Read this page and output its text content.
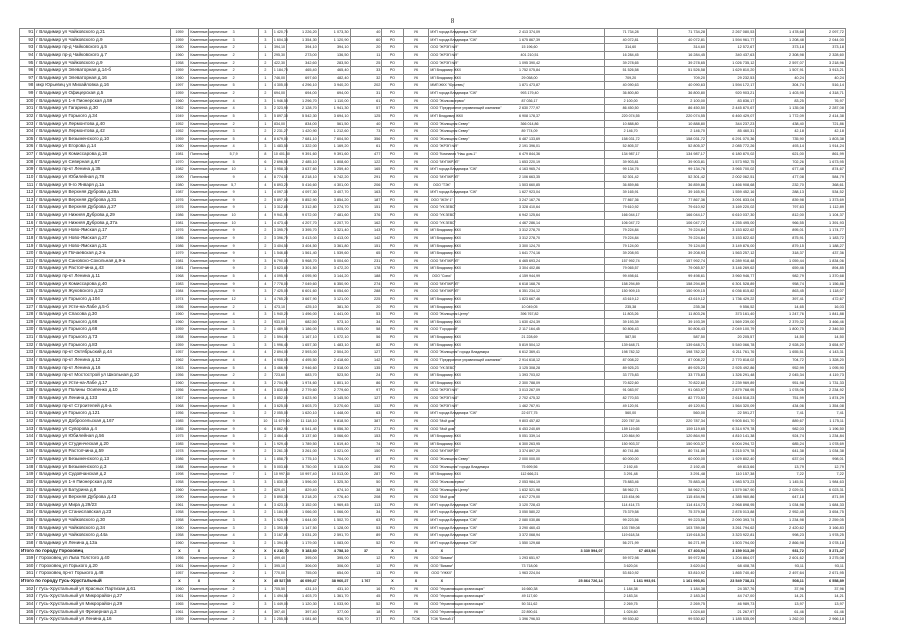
8
91	г Владимир ул Чайковского д.21	1959	Каменные, кирпичные	3	3	1 420,70	1 226,20	1 073,30	40	РО	УК	МУП города Владимира "СЖ"	2 413 374,09	71 734,28	71 734,28	2 267 080,53	1 478,68	2 097,72
92	г Владимир ул Чайковского д.9	1959	Каменные, кирпичные	3	3	1 604,30	1 354,30	1 120,90	60	РО	УК	МУП города Владимира "СЖ"	1 675 867,39	40 072,81	40 072,81	1 594 961,77	1 208,48	2 044,00
93	г Владимир пр-д Чайковского д.5	1960	Каменные, кирпичные	2	1	394,10	394,10	394,10	20	РО	УК	ООО "ЖРЭП №9"	15 196,60	314,60	314,60	12 572,67	373,18	373,18
94	г Владимир пр-д Чайковского д.7	1960	Каменные, кирпичные	2	1	295,30	273,00	136,50	11	РО	УК	ООО "ЖРЭП №9"	401 210,51	16 284,45	16 284,45	340 437,63	2 308,98	2 328,60
95	г Владимир ул Чайковского д.9	1958	Каменные, кирпичные	2	2	422,30	342,60	283,50	25	РО	УК	ООО "ЖРЭП №9"	1 095 390,42	39 278,65	39 278,65	1 026 735,12	2 597,07	3 218,96
96	г Владимир ул Элеваторная д.14-б	1959	Каменные, кирпичные	2	2	1 184,70	465,40	465,40	33	РО	УК	МП Владимир ЖКХ	1 752 075,84	51 526,58	51 526,58	1 629 810,20	1 507,91	3 913,21
97	г Владимир ул Элеваторная д.16	1960	Каменные, кирпичные	2	1	746,00	697,60	482,40	32	РО	УК	МП Владимир ЖКХ	29 058,00	709,20	709,20	29 232,53	40,24	40,24
98	мкр Юрьевец ул Михайловка д.16	1997	Каменные, кирпичные	5	1	4 305,00	4 296,10	3 940,20	202	РО	УК	ММП ЖКХ "Юрьевец"	1 871 473,87	40 090,63	40 090,63	1 594 172,17	304,74	516,14
99	г Владимир ул Офицерская д.5	1959	Каменные, кирпичные	2	2	694,00	694,00	694,00	31	РО	УК	МУП города Владимира "СЖ"	993 179,40	36 800,80	36 800,80	920 903,21	1 403,95	4 318,71
100	г Владимир ул 1-я Пионерская д.59	1960	Каменные, кирпичные	4	3	1 946,50	1 296,70	1 110,00	61	РО	УК	ООО "Жилкомсервис"	87 036,17	2 100,00	2 100,00	83 836,17	83,25	76,97
101	г Владимир ул Гагарина д.30	1962	Каменные, кирпичные	4	3	2 323,90	2 128,70	1 941,30	57	РО	УК	ООО "Предприятие управляющей компании"	2 630 777,97	86 450,50	86 450,50	2 445 870,67	1 135,08	2 287,08
102	г Владимир ул Горького д.34	1949	Каменные, кирпичные	5	3	5 897,30	5 542,30	3 694,10	125	РО	УК	МУП Владимир ЖКХ	6 908 178,37	220 074,55	220 074,55	6 460 429,07	1 772,09	2 414,38
103	г Владимир ул Лермонтова д.40	1952	Каменные, кирпичные	2	1	834,00	834,00	561,50	40	РО	УК	ООО "Жилищник Север"	366 014,86	10 888,80	10 888,80	344 237,23	438,40	721,86
104	г Владимир ул Лермонтова д.42	1952	Каменные, кирпичные	3	2	2 231,27	1 420,90	1 212,60	73	РО	УК	ООО "Жилищник Север"	89 774,09	2 146,70	2 146,70	85 460,31	42,18	42,18
105	г Владимир ул Безыменского д.10	1959	Каменные, кирпичные	5	4	8 679,00	7 681,10	7 604,50	356	РО	УК	ООО "Жилищник Север"	6 487 133,69	158 031,72	158 031,72	6 291 070,36	735,90	1 803,38
106	г Владимир ул Егорова д.14	1960	Каменные, кирпичные	4	3	1 483,50	1 322,00	1 169,20	61	РО	УК	ООО "ЖРЭП №9"	2 191 396,01	52 805,37	52 805,37	2 085 772,26	493,14	1 914,24
107	г Владимир ул Комиссарова д.18	1981	Панельные	5,7,9	8	10 401,50	9 391,60	9 391,60	477	РО	УК	ООО "Компания "Наш дом-1"	6 479 844,36	134 987,17	134 987,17	6 180 870,02	621,00	861,99
108	г Владимир ул Северная д.67	1970	Каменные, кирпичные	5	6	2 696,50	2 485,10	1 808,60	122	РО	УК	ООО "МУПЖРЭП"	1 653 220,19	39 903,81	39 903,81	1 573 952,75	702,26	1 673,95
109	г Владимир пр-кт Ленина д.35	1982	Каменные, кирпичные	10	1	3 958,30	3 637,60	3 259,40	165	РО	УК	МУП города Владимира "СЖ"	4 163 965,74	99 134,76	99 134,76	3 965 700,02	677,48	874,67
110	г Владимир ул Юбилейная д.78	1990	Панельные	9	4	8 774,50	8 218,10	6 742,20	291	РО	УК	ООО "МУПЖРЭП"	2 106 663,35	52 301,42	52 301,42	2 002 062,51	477,08	584,79
111	г Владимир ул 9-го Января д.1а	1980	Каменные, кирпичные	5,7	4	6 893,20	5 416,60	4 301,00	206	РО	УК	ООО "ТЭК"	1 503 660,85	36 859,86	36 859,86	1 466 908,68	232,70	368,61
112	г Владимир ул Верхняя Дуброва д.28а	1987	Каменные, кирпичные	9	1	4 097,30	4 097,30	3 407,70	163	РО	УК	МУП города Владимира "СЖ"	1 627 923,04	39 165,91	39 165,91	1 559 452,16	288,13	534,52
113	г Владимир ул Верхняя Дуброва д.31	1976	Каменные, кирпичные	9	2	5 897,00	5 852,90	3 854,20	187	РО	УК	ООО "ЖЭУ 1"	3 247 167,76	77 867,36	77 867,36	3 091 833,04	839,98	1 373,69
114	г Владимир ул Верхняя Дуброва д.27	1976	Каменные, кирпичные	9	1	3 312,80	3 312,80	3 274,70	151	РО	УК	ООО "УК ЗЕВС"	3 328 410,64	79 610,92	79 610,92	3 169 220,02	797,63	1 112,89
115	г Владимир ул Нижняя Дуброва д.29	1986	Каменные, кирпичные	10	4	9 941,90	9 072,00	7 481,60	376	РО	УК	ООО "УК ЗЕВС"	6 942 125,64	166 044,17	166 044,17	6 610 037,30	812,00	1 104,37
116	г Владимир ул Нижняя Дуброва д.37а	1981	Каменные, кирпичные	10	1	4 473,40	4 207,70	4 207,70	162	РО	УК	ООО "УК ЗЕВС"	4 467 286,14	106 047,72	106 047,72	4 255 495,00	966,55	1 391,93
117	г Владимир ул Ново-Ямская д.17	1976	Каменные, кирпичные	9	2	3 395,70	3 395,70	3 321,40	143	РО	УК	МП Владимир ЖКХ	3 312 278,70	79 224,84	79 224,84	3 153 822,62	895,01	1 174,77
118	г Владимир ул Ново-Ямская д.27	1986	Каменные, кирпичные	9	2	3 396,70	3 413,00	3 413,00	142	РО	УК	МП Владимир ЖКХ	3 312 278,70	79 224,84	79 224,84	3 153 822,62	875,91	1 183,72
119	г Владимир ул Ново-Ямская д.31	1986	Каменные, кирпичные	9	2	3 404,50	3 404,50	3 361,80	151	РО	УК	МП Владимир ЖКХ	3 300 124,70	79 124,00	79 124,00	3 149 876,00	879,15	1 188,27
120	г Владимир ул Почаевская д.2-а	1979	Каменные, кирпичные	9	1	1 546,80	1 561,40	1 539,60	65	РО	УК	МП Владимир ЖКХ	1 641 774,16	39 208,93	39 208,93	1 563 257,12	318,37	437,36
121	г Владимир ул Сановско-Сокольная д.9-а	1981	Каменные, кирпичные	9	3	6 790,00	5 968,70	5 004,60	231	РО	УК	ООО "МУПЖРЭП"	6 465 693,24	157 992,74	157 992,74	6 289 918,48	1 059,44	1 834,06
122	г Владимир ул Растопчина д.43	1981	Панельные	9	2	3 623,80	3 301,50	3 472,20	178	РО	УК	МП Владимир ЖКХ	3 304 402,86	79 065,57	79 065,57	3 146 269,62	659,46	894,85
123	г Владимир пр-кт Ленина д.11	1968	Каменные, кирпичные	5	4	4 095,90	4 095,90	3 144,20	188	РО	УК	ООО "Союз"	4 159 944,99	99 498,61	99 498,61	3 960 946,77	982,79	1 370,68
124	г Владимир ул Комиссарова д.40	1983	Каменные, кирпичные	9	4	7 778,00	7 049,60	6 350,90	274	РО	УК	ООО "МУПЖРЭП"	6 618 168,76	158 294,89	158 294,89	6 301 528,89	958,74	1 156,86
125	г Владимир ул Жуковского д.22	1984	Каменные, кирпичные	9	3	7 425,00	6 601,60	6 054,60	288	РО	УК	ООО "МУПЖРЭП"	6 351 234,12	150 909,15	150 909,15	6 036 815,82	863,45	1 118,07
126	г Владимир ул Горького д.104	1974	Каменные, кирпичные	12	1	4 765,20	3 667,90	3 121,00	225	РО	УК	МП Владимир ЖКХ	1 823 667,46	43 619,12	43 619,12	1 736 429,22	397,41	472,67
127	г Владимир ул Усти-на-Лабе д.5-б	1956	Каменные, кирпичные	2	1	473,10	425,10	381,30	20	РО	УК	МП Владимир ЖКХ	10 049,05	235,38	235,38	9 556,52	14,65	16,03
128	г Владимир ул Спасова д.30	1960	Каменные, кирпичные	4	3	1 940,20	1 496,00	1 441,00	53	РО	УК	ООО "Жилищник Центр"	396 767,82	11 803,26	11 803,26	373 161,40	1 247,76	1 841,88
129	г Владимир ул Горького д.66	1960	Каменные, кирпичные	3	2	933,00	682,50	573,10	34	РО	УК	МП Владимир ЖКХ	1 630 424,39	39 193,39	39 193,39	1 569 239,00	2 379,32	3 466,46
130	г Владимир ул Горького д.68	1959	Каменные, кирпичные	3	2	1 489,50	1 186,00	1 005,00	58	РО	УК	ООО "Городской"	2 117 164,45	50 806,43	50 806,43	2 049 100,79	1 800,75	2 346,50
131	г Владимир ул Горького д.73	1958	Каменные, кирпичные	3	2	1 594,00	1 167,10	1 072,10	56	РО	УК	МП Владимир ЖКХ	21 228,69	587,50	587,50	20 205,57	14,50	14,50
132	г Владимир ул Горького д.83	1959	Каменные, кирпичные	3	3	1 996,40	1 657,30	1 483,10	82	РО	УК	МП Владимир ЖКХ	5 819 504,12	139 648,71	139 648,71	5 540 066,78	2 928,20	3 654,97
133	г Владимир пр-кт Октябрьский д.44	1957	Каменные, кирпичные	4	4	2 894,00	2 593,00	2 504,20	127	РО	УК	ООО "Жилищник" города Владимира	6 612 369,41	198 782,32	198 782,32	6 211 761,76	1 655,51	4 143,31
134	г Владимир пр-кт Ленина д.12	1962	Каменные, кирпичные	4	4	4 908,00	4 495,50	2 418,60	142	РО	УК	ООО "Предприятие управляющей компании"	2 914 618,12	87 008,22	87 008,22	2 770 818,02	704,72	1 328,20
135	г Владимир пр-кт Ленина д.16	1963	Каменные, кирпичные	5	4	3 466,90	2 946,60	2 518,00	135	РО	УК	ООО "УК ЗЕВС"	3 125 308,28	89 925,23	89 925,23	2 925 492,86	952,99	1 095,90
136	г Владимир пр-кт Мостострой ул Школьная д.10	1956	Каменные, кирпичные	2	2	723,60	683,70	523,50	24	РО	УК	МП Владимир ЖКХ	1 393 703,02	33 775,83	33 775,83	1 326 291,48	2 045,34	4 119,73
137	г Владимир ул Усти-на-Лабе д.17	1960	Каменные, кирпичные	4	3	2 704,90	1 974,60	1 801,10	86	РО	УК	МП Владимир ЖКХ	2 300 788,09	70 822,60	70 822,60	2 239 969,89	951,98	1 731,33
138	г Владимир ул Полины Осипенко д.10	1956	Каменные, кирпичные	5	4	3 830,60	2 779,60	2 779,60	97	РО	УК	ООО "ЖРЭП №9"	3 013 267,09	91 083,97	91 083,97	2 879 768,95	1 078,06	2 234,92
139	г Владимир ул Ленина д.133	1967	Каменные, кирпичные	5	4	3 852,00	3 623,90	3 145,50	127	РО	УК	ООО "ЖРЭП №8"	2 702 475,32	82 770,53	82 770,53	2 618 518,23	751,99	1 874,29
140	г Владимир пр-кт Строителей д.6-а	1968	Каменные, кирпичные	5	4	3 625,00	3 603,70	3 270,60	132	РО	УК	ООО "ЖРЭП №9"	1 462 767,91	49 120,91	49 120,91	1 564 320,09	434,06	1 354,08
141	г Владимир ул Горького д.121	1956	Каменные, кирпичные	3	2	2 055,00	1 620,10	1 448,00	63	РО	УК	МУП города Владимира "СЖ"	22 677,75	560,00	560,00	22 591,27	7,41	7,41
142	г Владимир ул Добросельская д.167	1985	Каменные, кирпичные	9	10	11 679,60	11 118,10	9 818,50	387	РО	УК	ООО "Мой дом"	9 803 457,82	220 787,34	220 787,34	9 505 841,70	889,67	1 175,11
143	г Владимир ул Суворова д.4	1985	Каменные, кирпичные	9	6	6 862,90	6 541,40	6 056,30	271	РО	УК	ООО "Мой дом"	6 453 240,69	159 119,65	159 119,65	6 314 979,78	982,03	1 196,50
144	г Владимир ул Юбилейная д.56	1975	Каменные, кирпичные	5	2	3 464,40	3 137,60	3 066,60	153	РО	УК	МП Владимир ЖКХ	5 051 339,14	120 864,90	120 864,90	4 810 141,38	924,74	1 234,84
145	г Владимир ул Студенческая д.20	1985	Каменные, кирпичные	9	1	1 929,40	1 789,50	1 619,40	74	РО	УК	МП Владимир ЖКХ	6 300 263,95	150 903,37	150 903,37	6 004 294,72	685,24	1 078,69
146	г Владимир ул Растопчина д.59	1978	Каменные, кирпичные	9	2	3 261,30	3 261,00	3 021,00	150	РО	УК	ООО "МУПЖРЭП"	3 374 897,20	80 741,86	80 741,86	3 215 079,78	641,38	1 034,38
147	г Владимир ул Безыменского д.13	1986	Каменные, кирпичные	9	1	1 858,70	1 775,10	1 704,00	87	РО	УК	ООО "Жилищник Север"	2 000 000,00	60 000,00	60 000,00	1 929 802,40	637,04	998,01
148	г Владимир ул Безыменского д.3	1988	Каменные, кирпичные	9	5	5 003,60	5 750,00	5 115,00	206	РО	УК	ООО "Жилищник" города Владимира	75 699,56	2 192,45	2 192,45	69 813,66	13,79	12,79
149	г Владимир ул Судовчанская д.2	1998	Каменные, кирпичные	7	1	10 997,40	10 997,40	10 013,00	287	РО	УК	МП Владимир ЖКХ	112 666,21	3 291,48	3 291,48	110 157,38	7,22	7,22
150	г Владимир ул 1-я Пионерская д.92	1958	Каменные, кирпичные	3	3	1 830,30	1 596,00	1 325,30	50	РО	УК	ООО "Жилкомсервис"	2 053 984,19	75 883,46	75 883,46	1 983 573,23	1 145,51	1 984,63
151	г Владимир ул Батурина д.8	1960	Каменные, кирпичные	3	2	829,40	829,40	674,10	38	РО	УК	ООО "Жилищник Центр"	1 632 521,98	58 962,71	58 962,71	1 579 067,90	2 029,01	6 023,31
152	г Владимир ул Верхняя Дуброва д.43	1990	Каменные, кирпичные	9	2	5 890,30	5 218,20	4 776,40	208	РО	УК	ООО "Мой дом"	4 617 279,00	115 454,96	115 454,96	4 385 960,86	647,18	871,59
153	г Владимир ул Мира д.29/23	1961	Каменные, кирпичные	4	4	3 423,10	3 152,00	1 969,45	113	РО	УК	МУП города Владимира "СЖ"	3 120 728,43	114 414,73	114 414,73	2 968 898,95	1 034,98	1 684,33
154	г Владимир ул Станиславская д.23	1958	Каменные, кирпичные	3	2	1 184,00	1 066,00	1 066,00	34	РО	УК	МУП города Владимира "СЖ"	3 050 580,22	75 379,58	75 379,58	2 878 013,88	2 952,45	3 654,75
155	г Владимир ул Чайковского д.30	1958	Каменные, кирпичные	3	3	1 926,90	1 644,00	1 502,70	63	РО	УК	МУП города Владимира "СЖ"	2 080 030,86	99 223,56	99 223,56	2 090 393,74	1 234,98	2 259,05
156	г Владимир ул Чайковского д.34	1960	Каменные, кирпичные	3	2	1 393,00	1 147,50	1 128,00	53	РО	УК	МУП города Владимира "СЖ"	3 290 460,43	103 789,08	103 789,08	3 261 794,62	2 420,62	3 166,83
157	г Владимир ул Чайковского д.44а	1958	Каменные, кирпичные	4	3	3 167,80	3 031,20	2 591,70	89	РО	УК	МУП города Владимира "СЖ"	3 372 068,94	119 618,34	119 618,34	3 323 922,81	998,23	1 978,25
158	г Владимир ул Ленина д.13а	1960	Каменные, кирпичные	3	2	1 394,00	1 179,00	1 083,00	52	РО	УК	МУП города Владимира "СЖ"	1 550 129,68	56 271,99	56 271,99	1 503 794,00	2 866,98	3 078,18
Итого по городу Гороховец		X	X	X	X	6 210,70	5 183,60	4 758,10	37	X	X	X	3 330 594,07	67 403,94	67 403,94	3 159 013,29	931,72	5 271,47
159	г Гороховец ул Льва Толстого д.40	1956	Каменные, кирпичные	2	1	499,40	395,00	395,00	12	РО	УК	ООО "Визави"	1 293 651,97	59 972,98	59 972,98	1 204 864,07	2 601,62	3 275,08
160	г Гороховец ул Горького д.20	1961	Каменные, кирпичные	2	1	395,10	306,00	306,00	12	РО	УК	ООО "Визави"	73 718,06	3 620,04	3 620,04	68 408,78	93,11	93,11
161	г Гороховец пр-кт Горького д.48	1957	Каменные, кирпичные	2	1	770,00	755,00	654,00	13	РО	УК	ООО "УЖКХ"	1 963 224,04	53 810,92	53 810,92	1 865 740,40	2 497,64	2 671,95
Итого по городу Гусь-Хрустальный		X	X	X	X	45 527,55	46 059,47	38 960,27	1 767	X	X	X	25 864 726,14	1 161 993,91	1 161 993,91	23 549 738,21	508,11	6 558,89
162	г Гусь-Хрустальный ул Красных Партизан д.61	1960	Каменные, кирпичные	2	1	705,50	431,10	431,10	16	РО	УК	ООО "Управляющая организация"	16 660,38	1 184,38	1 184,38	24 357,76	37,96	37,96
163	г Гусь-Хрустальный ул Микрорайон д.27	1961	Каменные, кирпичные	2	4	1 494,50	1 403,70	1 361,70	45	РО	УК	ООО "Управляющая организация"	49 117,60	2 183,34	2 183,34	44 747,00	14,21	14,21
164	г Гусь-Хрустальный ул Микрорайон д.29	1965	Каменные, кирпичные	2	3	1 449,00	1 120,30	1 033,90	52	РО	УК	ООО "Управляющая организация"	50 311,62	2 269,75	2 269,75	46 989,73	13,97	13,97
165	г Гусь-Хрустальный ул Фрезерная д.3	1961	Каменные, кирпичные	2	4	397,40	397,40	377,00	18	РО	УК	ООО "Управляющая организация"	22 890,61	1 024,60	1 024,60	21 267,97	61,46	61,46
166	г Гусь-Хрустальный ул Ленина д.16	1959	Каменные, кирпичные	2	3	1 255,50	1 081,60	936,70	37	РО	ТСЖ	ТСЖ "Белый 1"	1 396 796,53	99 530,82	99 530,82	1 185 535,09	1 262,00	2 966,18
